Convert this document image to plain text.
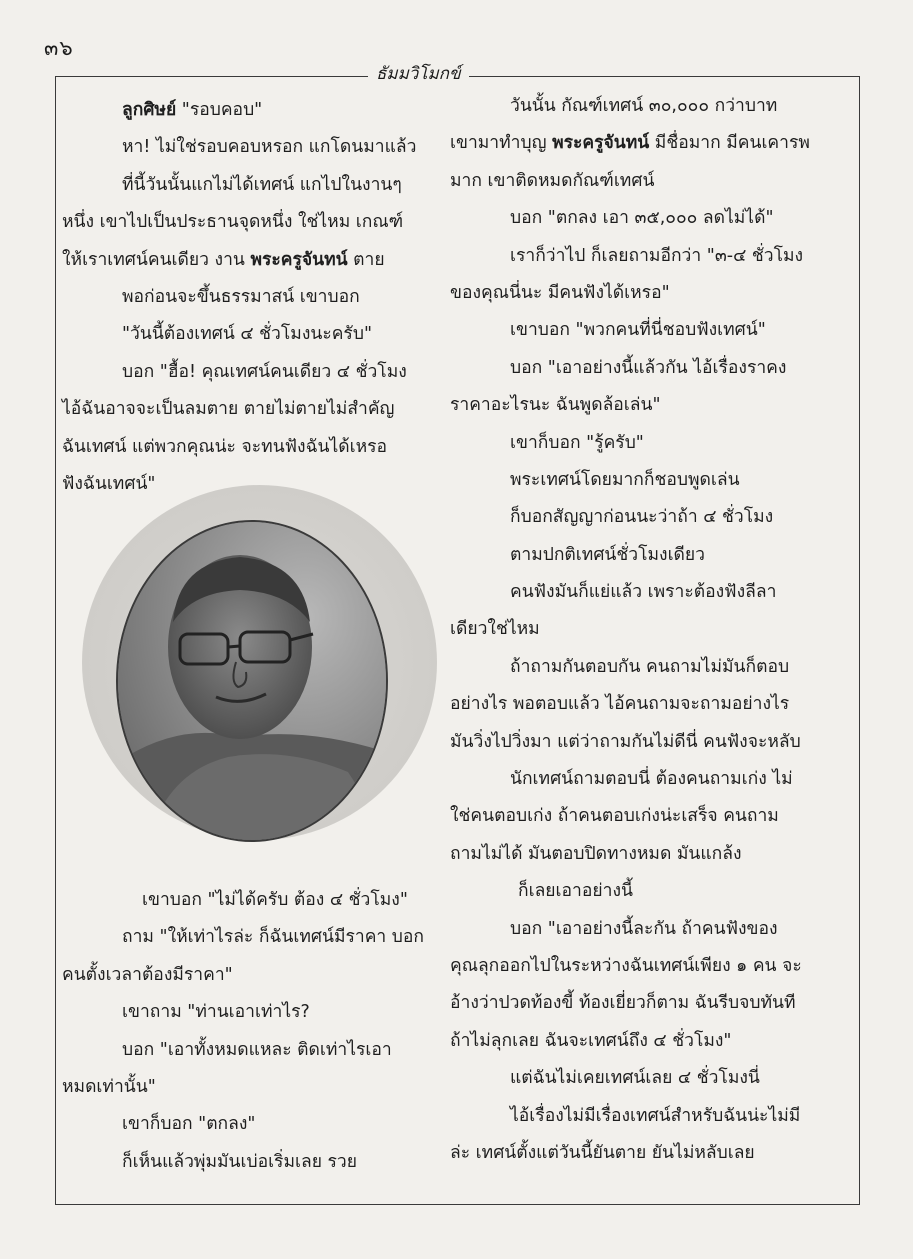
๓๖
ธัมมวิโมกข์
ลูกศิษย์ "รอบคอบ"
หา! ไม่ใช่รอบคอบหรอก แกโดนมาแล้ว
ที่นี้วันนั้นแกไม่ได้เทศน์ แกไปในงานๆ
หนึ่ง เขาไปเป็นประธานจุดหนึ่ง ใช่ไหม เกณฑ์
ให้เราเทศน์คนเดียว งาน พระครูจันทน์ ตาย
พอก่อนจะขึ้นธรรมาสน์ เขาบอก
"วันนี้ต้องเทศน์ ๔ ชั่วโมงนะครับ"
บอก "ฮื้อ! คุณเทศน์คนเดียว ๔ ชั่วโมง
ไอ้ฉันอาจจะเป็นลมตาย ตายไม่ตายไม่สำคัญ
ฉันเทศน์ แต่พวกคุณน่ะ จะทนฟังฉันได้เหรอ
ฟังฉันเทศน์"
เขาบอก "ไม่ได้ครับ ต้อง ๔ ชั่วโมง"
ถาม "ให้เท่าไรล่ะ ก็ฉันเทศน์มีราคา บอก
คนตั้งเวลาต้องมีราคา"
เขาถาม "ท่านเอาเท่าไร?
บอก "เอาทั้งหมดแหละ ติดเท่าไรเอา
หมดเท่านั้น"
เขาก็บอก "ตกลง"
ก็เห็นแล้วพุ่มมันเบ่อเริ่มเลย รวย
วันนั้น กัณฑ์เทศน์ ๓๐,๐๐๐ กว่าบาท
เขามาทำบุญ พระครูจันทน์ มีชื่อมาก มีคนเคารพ
มาก เขาติดหมดกัณฑ์เทศน์
บอก "ตกลง เอา ๓๕,๐๐๐ ลดไม่ได้"
เราก็ว่าไป ก็เลยถามอีกว่า "๓-๔ ชั่วโมง
ของคุณนี่นะ มีคนฟังได้เหรอ"
เขาบอก "พวกคนที่นี่ชอบฟังเทศน์"
บอก "เอาอย่างนี้แล้วกัน ไอ้เรื่องราคง
ราคาอะไรนะ ฉันพูดล้อเล่น"
เขาก็บอก "รู้ครับ"
พระเทศน์โดยมากก็ชอบพูดเล่น
ก็บอกสัญญาก่อนนะว่าถ้า ๔ ชั่วโมง
ตามปกติเทศน์ชั่วโมงเดียว
คนฟังมันก็แย่แล้ว เพราะต้องฟังลีลา
เดียวใช่ไหม
ถ้าถามกันตอบกัน คนถามไม่มันก็ตอบ
อย่างไร พอตอบแล้ว ไอ้คนถามจะถามอย่างไร
มันวิ่งไปวิ่งมา แต่ว่าถามกันไม่ดีนี่ คนฟังจะหลับ
นักเทศน์ถามตอบนี่ ต้องคนถามเก่ง ไม่
ใช่คนตอบเก่ง ถ้าคนตอบเก่งน่ะเสร็จ คนถาม
ถามไม่ได้ มันตอบปิดทางหมด มันแกล้ง
ก็เลยเอาอย่างนี้
บอก "เอาอย่างนี้ละกัน ถ้าคนฟังของ
คุณลุกออกไปในระหว่างฉันเทศน์เพียง ๑ คน จะ
อ้างว่าปวดท้องขี้ ท้องเยี่ยวก็ตาม ฉันรีบจบทันที
ถ้าไม่ลุกเลย ฉันจะเทศน์ถึง ๔ ชั่วโมง"
แต่ฉันไม่เคยเทศน์เลย ๔ ชั่วโมงนี่
ไอ้เรื่องไม่มีเรื่องเทศน์สำหรับฉันน่ะไม่มี
ล่ะ เทศน์ตั้งแต่วันนี้ยันตาย ยันไม่หลับเลย
